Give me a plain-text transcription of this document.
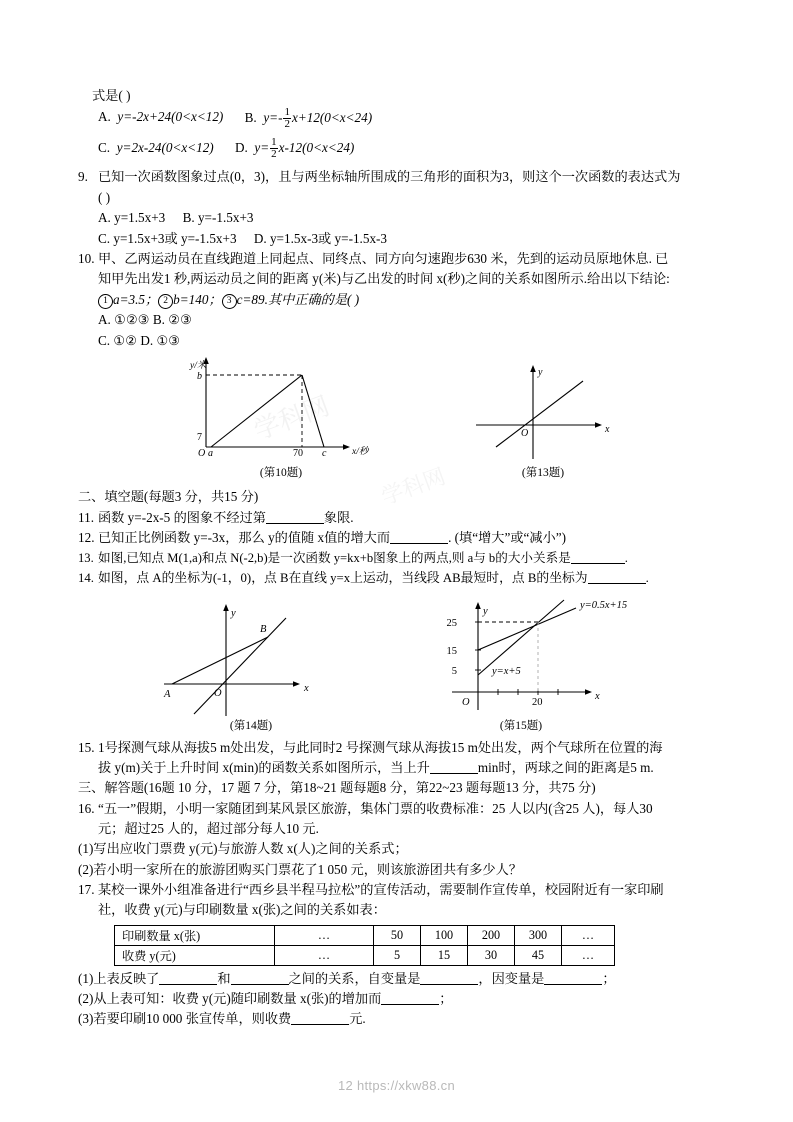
学科网
学科网
式是( )
A. y=-2x+24(0<x<12) B. $y=- \frac{1}{2} x+12(0<x<24)$
C. y=2x-24(0<x<12) D. $y= \frac{1}{2} x-12(0<x<24)$
9. 已知一次函数图象过点(0，3)，且与两坐标轴所围成的三角形的面积为3，则这个一次函数的表达式为
( )
A. y=1.5x+3 B. y=-1.5x+3
C. y=1.5x+3或 y=-1.5x+3 D. y=1.5x-3或 y=-1.5x-3
10. 甲、乙两运动员在直线跑道上同起点、同终点、同方向匀速跑步630 米，先到的运动员原地休息. 已
知甲先出发1 秒,两运动员之间的距离 y(米)与乙出发的时间 x(秒)之间的关系如图所示.给出以下结论:
1 a=3.5； 2 b=140； 3 c=89.其中正确的是( )
A. ①②③ B. ②③
C. ①② D. ①③
y/米
x/秒
b
7
O a	70 c
y
x
O
(第10题)	(第13题)
二、填空题(每题3 分，共15 分)
11. 函数 y=-2x-5 的图象不经过第	象限.
12. 已知正比例函数 y=-3x，那么 y的值随 x值的增大而	. (填“增大”或“减小”)
13. 如图,已知点 M(1,a)和点 N(-2,b)是一次函数 y=kx+b图象上的两点,则 a与 b的大小关系是	.
14. 如图，点 A的坐标为(-1，0)，点 B在直线 y=x上运动，当线段 AB最短时，点 B的坐标为	.
y
x
O
A
B
y
x
O
25
15
5
20
y=0.5x+15
y=x+5
(第14题)	(第15题)
15. 1号探测气球从海拔5 m处出发，与此同时2 号探测气球从海拔15 m处出发，两个气球所在位置的海
拔 y(m)关于上升时间 x(min)的函数关系如图所示，当上升	min时，两球之间的距离是5 m.
三、解答题(16题 10 分，17 题 7 分，第18~21 题每题8 分，第22~23 题每题13 分，共75 分)
16. “五一”假期，小明一家随团到某风景区旅游，集体门票的收费标准：25 人以内(含25 人)，每人30
元；超过25 人的，超过部分每人10 元.
(1)写出应收门票费 y(元)与旅游人数 x(人)之间的关系式；
(2)若小明一家所在的旅游团购买门票花了1 050 元，则该旅游团共有多少人？
17. 某校一课外小组准备进行“西乡县半程马拉松”的宣传活动，需要制作宣传单，校园附近有一家印刷
社，收费 y(元)与印刷数量 x(张)之间的关系如表：
印刷数量 x(张)	…	50	100	200	300	…
收费 y(元)	…	5	15	30	45	…
(1)上表反映了	和	之间的关系，自变量是	，因变量是	；
(2)从上表可知：收费 y(元)随印刷数量 x(张)的增加而	；
(3)若要印刷10 000 张宣传单，则收费	元.
12 https://xkw88.cn
